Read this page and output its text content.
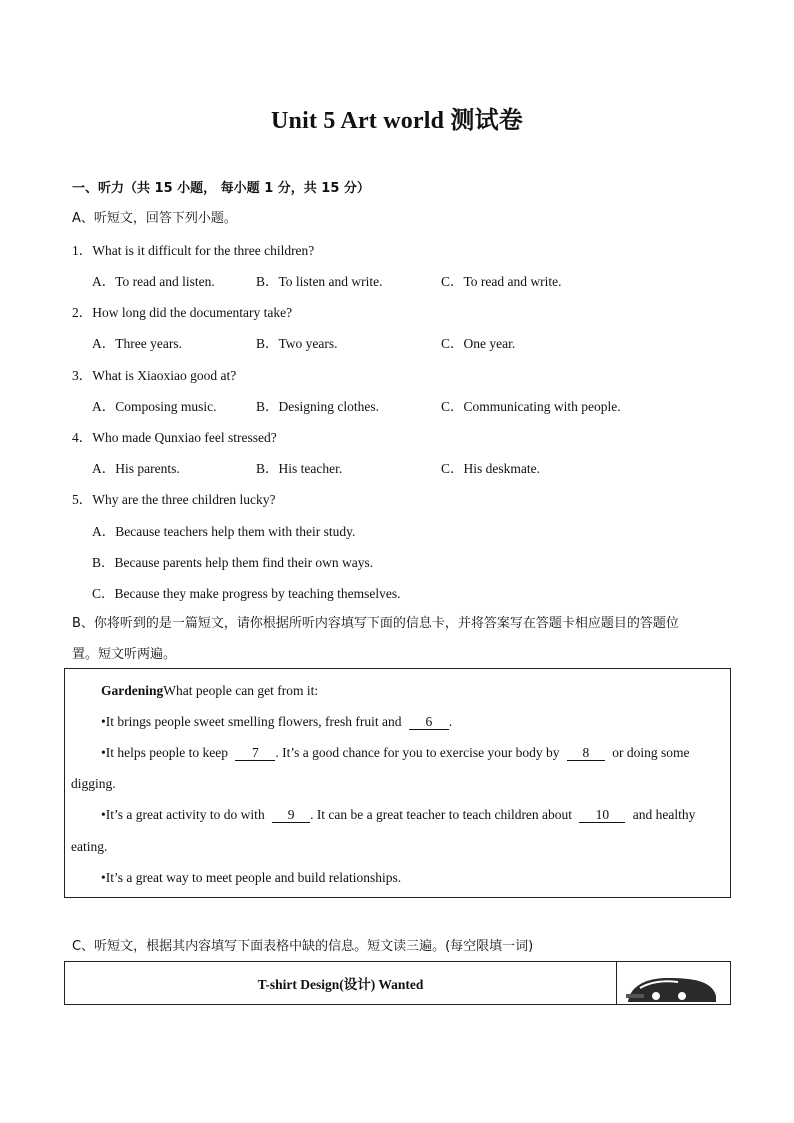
Unit 5 Art world 测试卷
一、听力（共 15 小题， 每小题 1 分，共 15 分）
A、听短文，回答下列小题。
1．What is it difficult for the three children?
A．To read and listen.	B．To listen and write.	C．To read and write.
2．How long did the documentary take?
A．Three years.	B．Two years.	C．One year.
3．What is Xiaoxiao good at?
A．Composing music.	B．Designing clothes.	C．Communicating with people.
4．Who made Qunxiao feel stressed?
A．His parents.	B．His teacher.	C．His deskmate.
5．Why are the three children lucky?
A．Because teachers help them with their study.
B．Because parents help them find their own ways.
C．Because they make progress by teaching themselves.
B、你将听到的是一篇短文，请你根据所听内容填写下面的信息卡，并将答案写在答题卡相应题目的答题位
置。短文听两遍。
GardeningWhat people can get from it:
•It brings people sweet smelling flowers, fresh fruit and 6 .
•It helps people to keep 7 . It’s a good chance for you to exercise your body by 8 or doing some
digging.
•It’s a great activity to do with 9 . It can be a great teacher to teach children about 10 and healthy
eating.
•It’s a great way to meet people and build relationships.
C、听短文，根据其内容填写下面表格中缺的信息。短文读三遍。(每空限填一词)
T-shirt Design(设计) Wanted
